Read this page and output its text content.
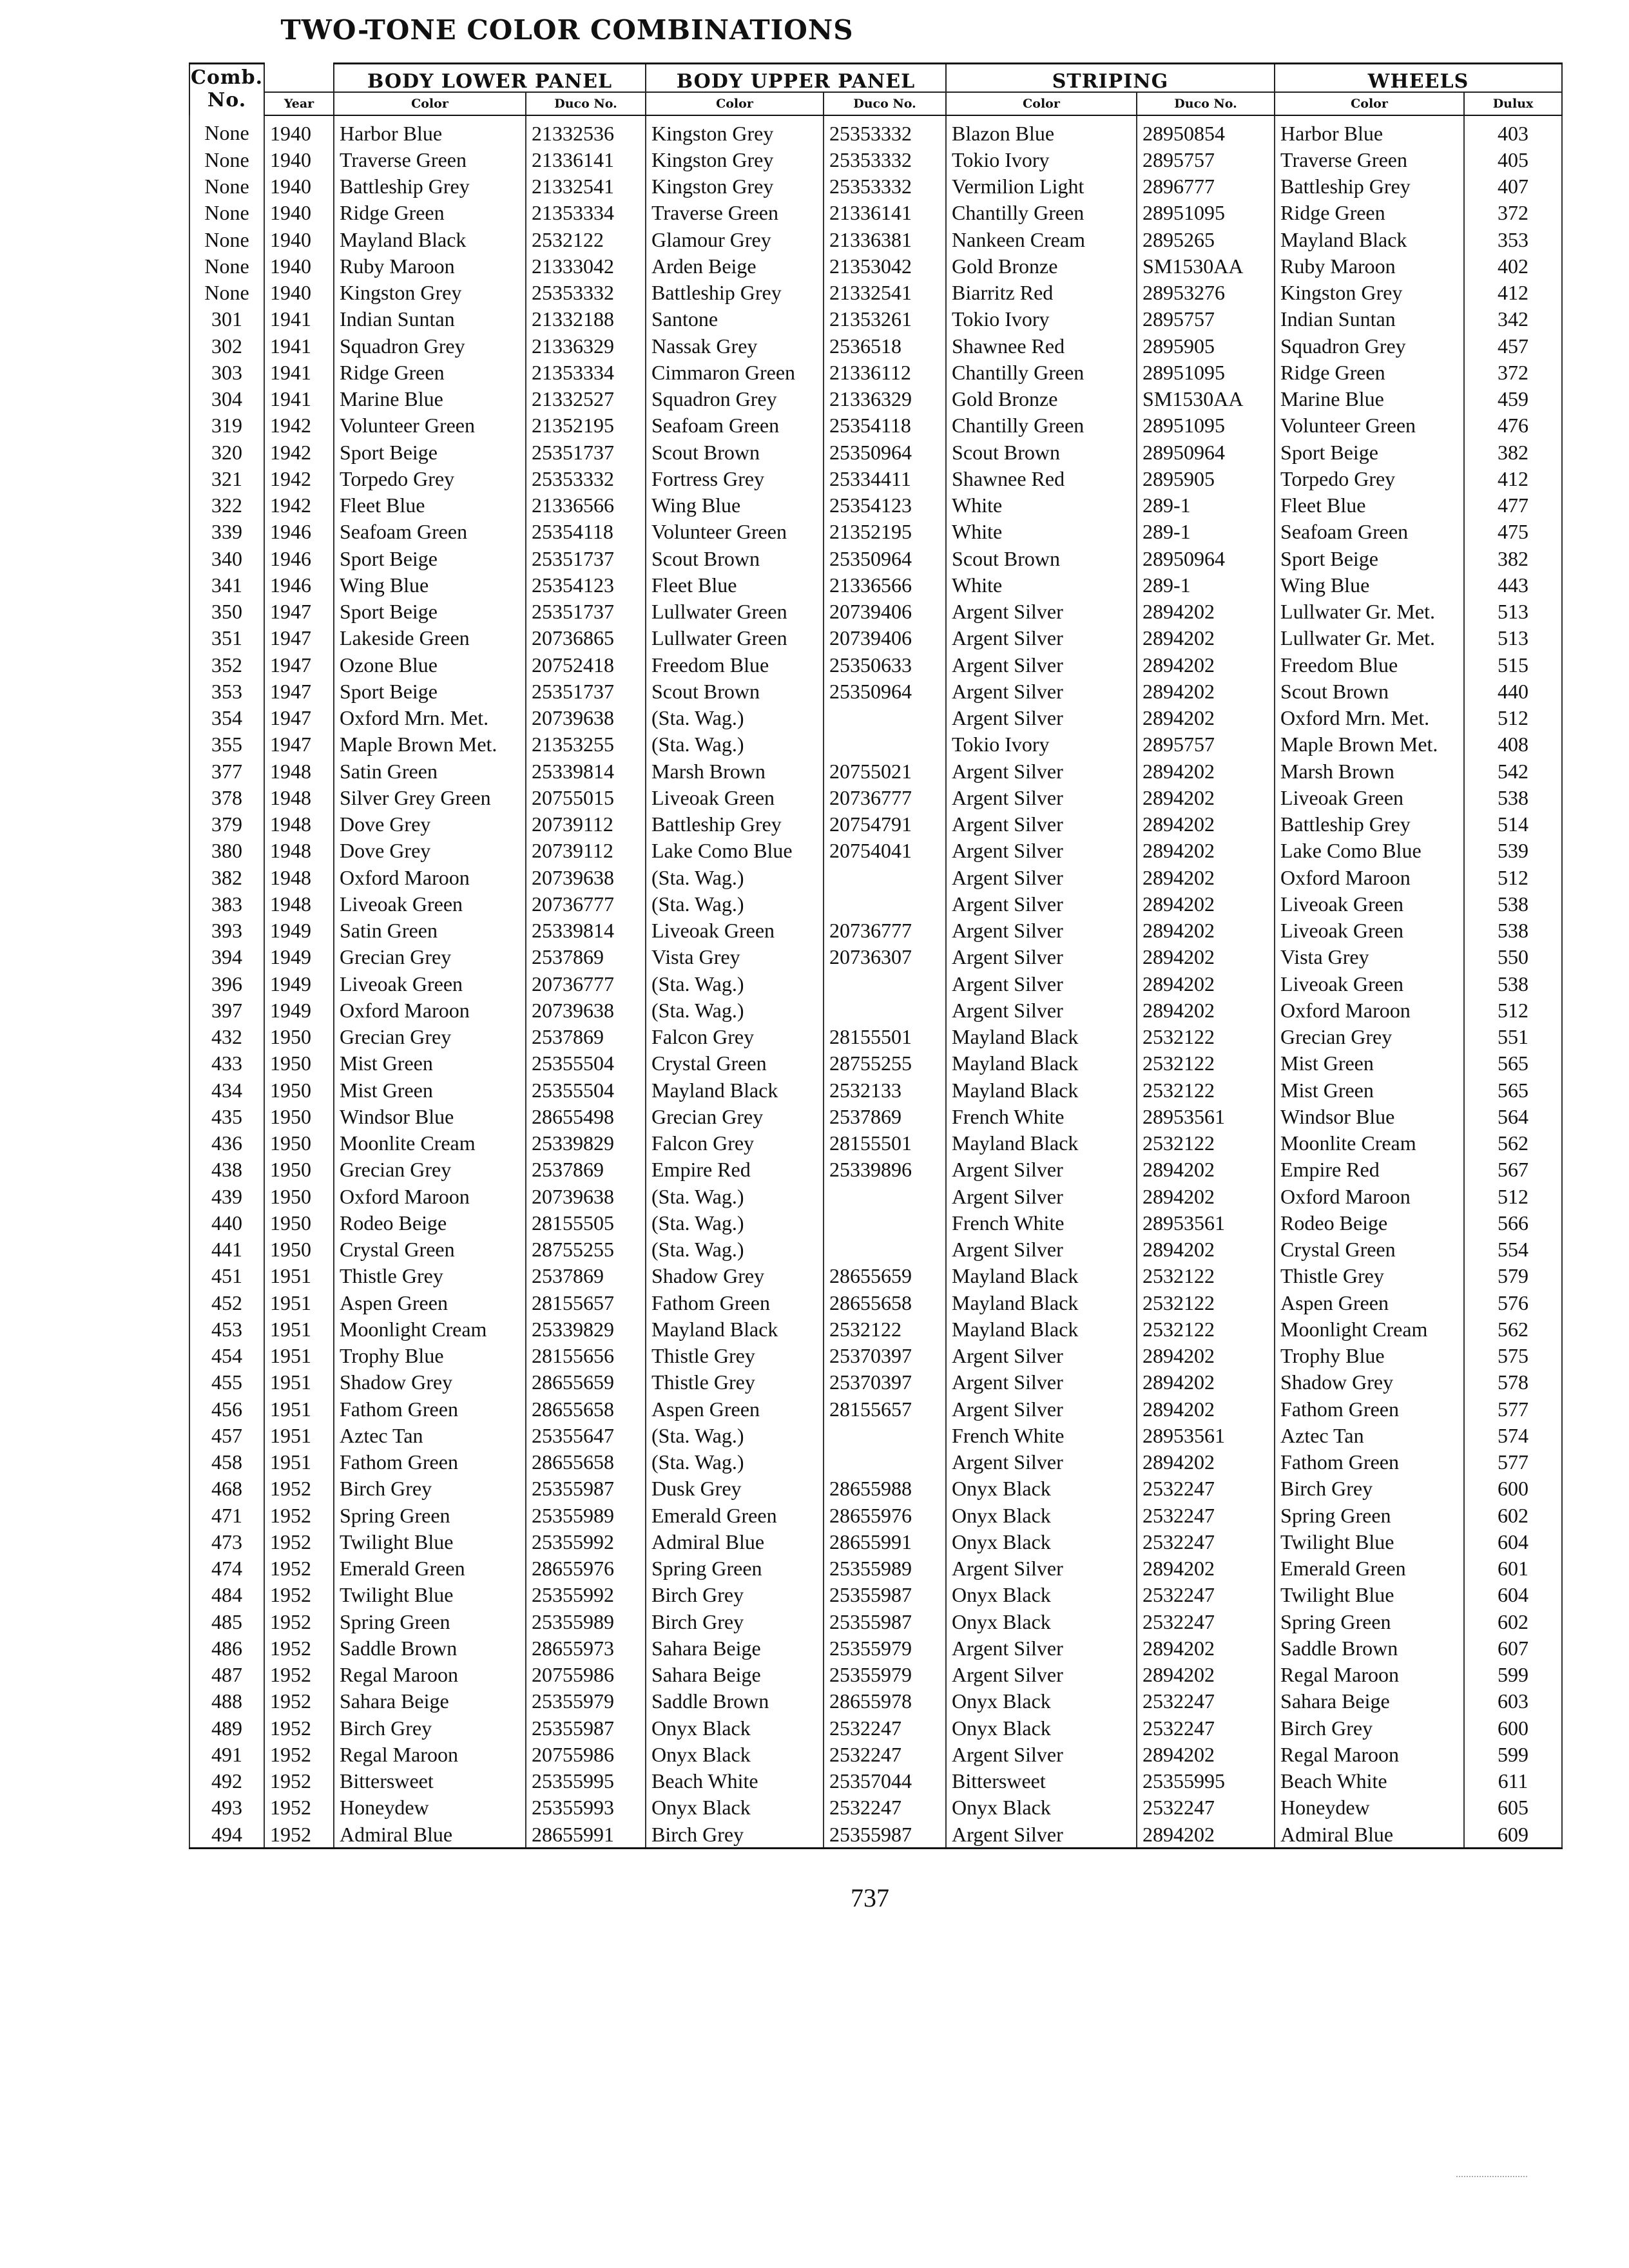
TWO-TONE COLOR COMBINATIONS
Comb. No.		BODY LOWER PANEL		BODY UPPER PANEL		STRIPING		WHEELS	
	Year	Color	Duco No.	Color	Duco No.	Color	Duco No.	Color	Dulux
None	1940	Harbor Blue	21332536	Kingston Grey	25353332	Blazon Blue	28950854	Harbor Blue	403
None	1940	Traverse Green	21336141	Kingston Grey	25353332	Tokio Ivory	2895757	Traverse Green	405
None	1940	Battleship Grey	21332541	Kingston Grey	25353332	Vermilion Light	2896777	Battleship Grey	407
None	1940	Ridge Green	21353334	Traverse Green	21336141	Chantilly Green	28951095	Ridge Green	372
None	1940	Mayland Black	2532122	Glamour Grey	21336381	Nankeen Cream	2895265	Mayland Black	353
None	1940	Ruby Maroon	21333042	Arden Beige	21353042	Gold Bronze	SM1530AA	Ruby Maroon	402
None	1940	Kingston Grey	25353332	Battleship Grey	21332541	Biarritz Red	28953276	Kingston Grey	412
301	1941	Indian Suntan	21332188	Santone	21353261	Tokio Ivory	2895757	Indian Suntan	342
302	1941	Squadron Grey	21336329	Nassak Grey	2536518	Shawnee Red	2895905	Squadron Grey	457
303	1941	Ridge Green	21353334	Cimmaron Green	21336112	Chantilly Green	28951095	Ridge Green	372
304	1941	Marine Blue	21332527	Squadron Grey	21336329	Gold Bronze	SM1530AA	Marine Blue	459
319	1942	Volunteer Green	21352195	Seafoam Green	25354118	Chantilly Green	28951095	Volunteer Green	476
320	1942	Sport Beige	25351737	Scout Brown	25350964	Scout Brown	28950964	Sport Beige	382
321	1942	Torpedo Grey	25353332	Fortress Grey	25334411	Shawnee Red	2895905	Torpedo Grey	412
322	1942	Fleet Blue	21336566	Wing Blue	25354123	White	289-1	Fleet Blue	477
339	1946	Seafoam Green	25354118	Volunteer Green	21352195	White	289-1	Seafoam Green	475
340	1946	Sport Beige	25351737	Scout Brown	25350964	Scout Brown	28950964	Sport Beige	382
341	1946	Wing Blue	25354123	Fleet Blue	21336566	White	289-1	Wing Blue	443
350	1947	Sport Beige	25351737	Lullwater Green	20739406	Argent Silver	2894202	Lullwater Gr. Met.	513
351	1947	Lakeside Green	20736865	Lullwater Green	20739406	Argent Silver	2894202	Lullwater Gr. Met.	513
352	1947	Ozone Blue	20752418	Freedom Blue	25350633	Argent Silver	2894202	Freedom Blue	515
353	1947	Sport Beige	25351737	Scout Brown	25350964	Argent Silver	2894202	Scout Brown	440
354	1947	Oxford Mrn. Met.	20739638	(Sta. Wag.)		Argent Silver	2894202	Oxford Mrn. Met.	512
355	1947	Maple Brown Met.	21353255	(Sta. Wag.)		Tokio Ivory	2895757	Maple Brown Met.	408
377	1948	Satin Green	25339814	Marsh Brown	20755021	Argent Silver	2894202	Marsh Brown	542
378	1948	Silver Grey Green	20755015	Liveoak Green	20736777	Argent Silver	2894202	Liveoak Green	538
379	1948	Dove Grey	20739112	Battleship Grey	20754791	Argent Silver	2894202	Battleship Grey	514
380	1948	Dove Grey	20739112	Lake Como Blue	20754041	Argent Silver	2894202	Lake Como Blue	539
382	1948	Oxford Maroon	20739638	(Sta. Wag.)		Argent Silver	2894202	Oxford Maroon	512
383	1948	Liveoak Green	20736777	(Sta. Wag.)		Argent Silver	2894202	Liveoak Green	538
393	1949	Satin Green	25339814	Liveoak Green	20736777	Argent Silver	2894202	Liveoak Green	538
394	1949	Grecian Grey	2537869	Vista Grey	20736307	Argent Silver	2894202	Vista Grey	550
396	1949	Liveoak Green	20736777	(Sta. Wag.)		Argent Silver	2894202	Liveoak Green	538
397	1949	Oxford Maroon	20739638	(Sta. Wag.)		Argent Silver	2894202	Oxford Maroon	512
432	1950	Grecian Grey	2537869	Falcon Grey	28155501	Mayland Black	2532122	Grecian Grey	551
433	1950	Mist Green	25355504	Crystal Green	28755255	Mayland Black	2532122	Mist Green	565
434	1950	Mist Green	25355504	Mayland Black	2532133	Mayland Black	2532122	Mist Green	565
435	1950	Windsor Blue	28655498	Grecian Grey	2537869	French White	28953561	Windsor Blue	564
436	1950	Moonlite Cream	25339829	Falcon Grey	28155501	Mayland Black	2532122	Moonlite Cream	562
438	1950	Grecian Grey	2537869	Empire Red	25339896	Argent Silver	2894202	Empire Red	567
439	1950	Oxford Maroon	20739638	(Sta. Wag.)		Argent Silver	2894202	Oxford Maroon	512
440	1950	Rodeo Beige	28155505	(Sta. Wag.)		French White	28953561	Rodeo Beige	566
441	1950	Crystal Green	28755255	(Sta. Wag.)		Argent Silver	2894202	Crystal Green	554
451	1951	Thistle Grey	2537869	Shadow Grey	28655659	Mayland Black	2532122	Thistle Grey	579
452	1951	Aspen Green	28155657	Fathom Green	28655658	Mayland Black	2532122	Aspen Green	576
453	1951	Moonlight Cream	25339829	Mayland Black	2532122	Mayland Black	2532122	Moonlight Cream	562
454	1951	Trophy Blue	28155656	Thistle Grey	25370397	Argent Silver	2894202	Trophy Blue	575
455	1951	Shadow Grey	28655659	Thistle Grey	25370397	Argent Silver	2894202	Shadow Grey	578
456	1951	Fathom Green	28655658	Aspen Green	28155657	Argent Silver	2894202	Fathom Green	577
457	1951	Aztec Tan	25355647	(Sta. Wag.)		French White	28953561	Aztec Tan	574
458	1951	Fathom Green	28655658	(Sta. Wag.)		Argent Silver	2894202	Fathom Green	577
468	1952	Birch Grey	25355987	Dusk Grey	28655988	Onyx Black	2532247	Birch Grey	600
471	1952	Spring Green	25355989	Emerald Green	28655976	Onyx Black	2532247	Spring Green	602
473	1952	Twilight Blue	25355992	Admiral Blue	28655991	Onyx Black	2532247	Twilight Blue	604
474	1952	Emerald Green	28655976	Spring Green	25355989	Argent Silver	2894202	Emerald Green	601
484	1952	Twilight Blue	25355992	Birch Grey	25355987	Onyx Black	2532247	Twilight Blue	604
485	1952	Spring Green	25355989	Birch Grey	25355987	Onyx Black	2532247	Spring Green	602
486	1952	Saddle Brown	28655973	Sahara Beige	25355979	Argent Silver	2894202	Saddle Brown	607
487	1952	Regal Maroon	20755986	Sahara Beige	25355979	Argent Silver	2894202	Regal Maroon	599
488	1952	Sahara Beige	25355979	Saddle Brown	28655978	Onyx Black	2532247	Sahara Beige	603
489	1952	Birch Grey	25355987	Onyx Black	2532247	Onyx Black	2532247	Birch Grey	600
491	1952	Regal Maroon	20755986	Onyx Black	2532247	Argent Silver	2894202	Regal Maroon	599
492	1952	Bittersweet	25355995	Beach White	25357044	Bittersweet	25355995	Beach White	611
493	1952	Honeydew	25355993	Onyx Black	2532247	Onyx Black	2532247	Honeydew	605
494	1952	Admiral Blue	28655991	Birch Grey	25355987	Argent Silver	2894202	Admiral Blue	609
737
